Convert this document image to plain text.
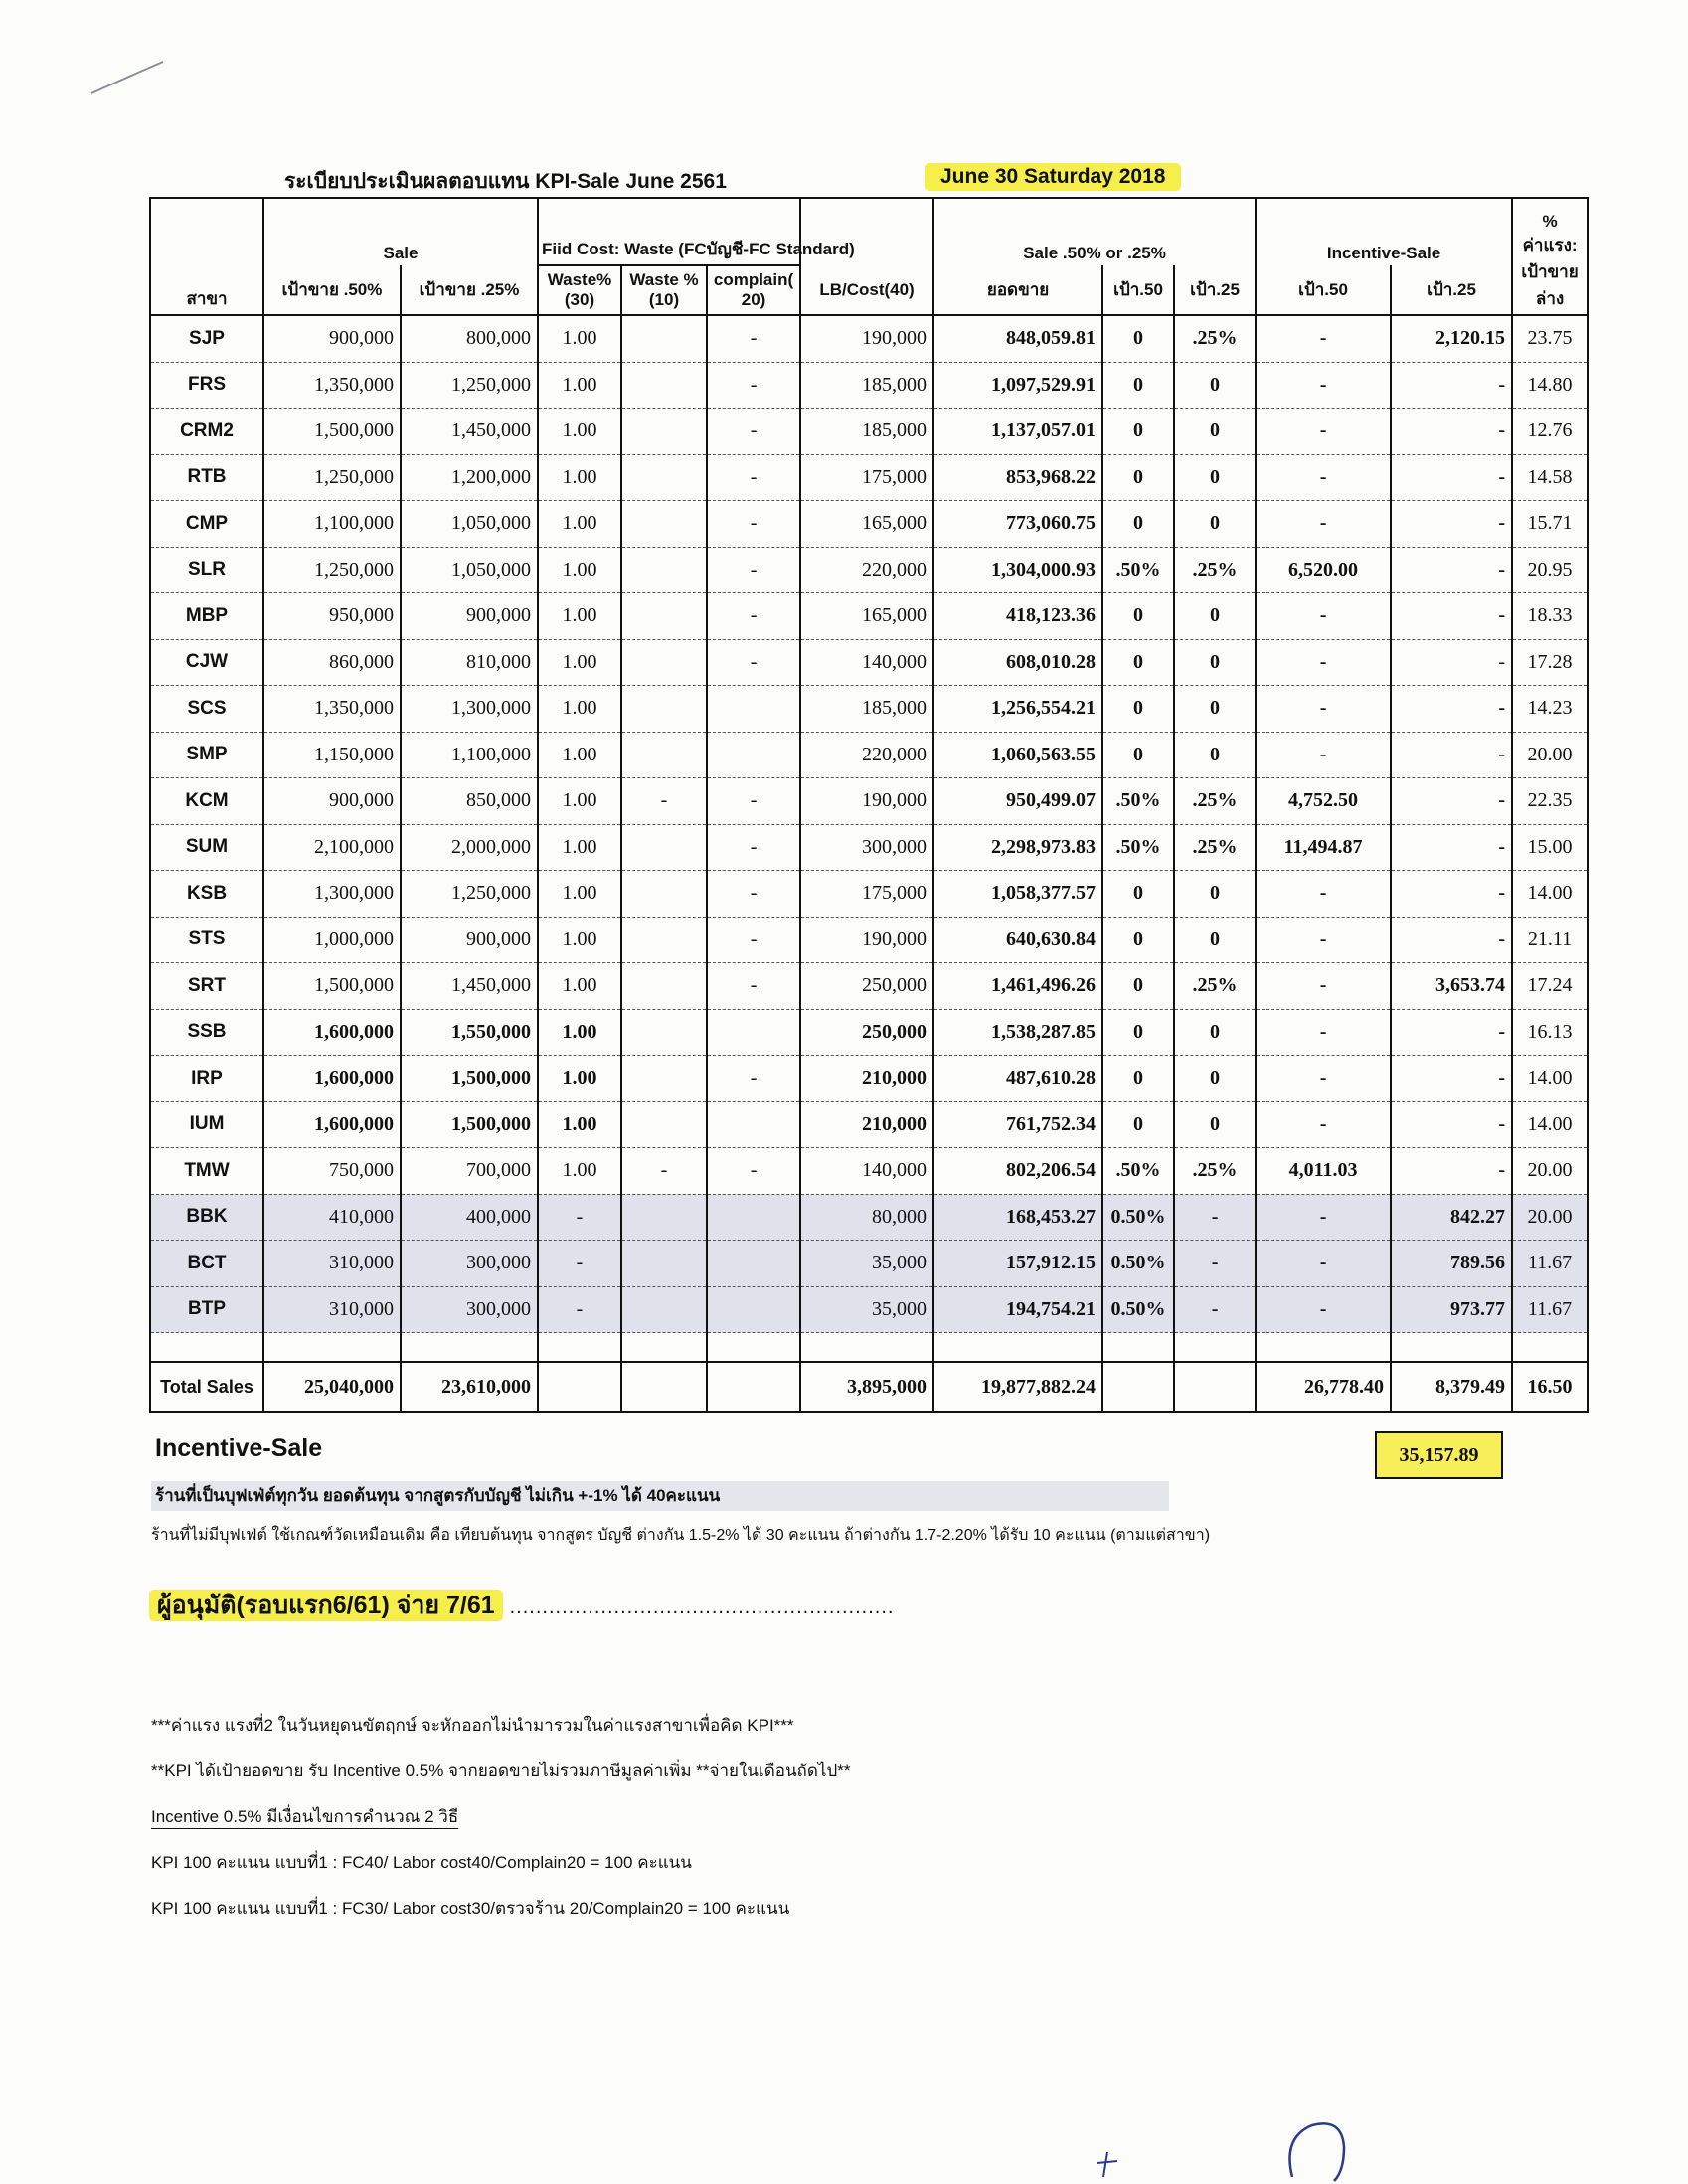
ระเบียบประเมินผลตอบแทน KPI-Sale June 2561	June 30 Saturday 2018
สาขา	Sale		Fiid Cost: Waste (FCบัญชี-FC Standard)				Sale .50% or .25%			Incentive-Sale		% ค่าแรง: เป้าขาย ล่าง
	เป้าขาย .50%	เป้าขาย .25%	Waste% (30)	Waste %(10)	complain( 20)	LB/Cost(40)	ยอดขาย	เป้า.50	เป้า.25	เป้า.50	เป้า.25	
SJP	900,000	800,000	1.00		-	190,000	848,059.81	0	.25%	-	2,120.15	23.75
FRS	1,350,000	1,250,000	1.00		-	185,000	1,097,529.91	0	0	-	-	14.80
CRM2	1,500,000	1,450,000	1.00		-	185,000	1,137,057.01	0	0	-	-	12.76
RTB	1,250,000	1,200,000	1.00		-	175,000	853,968.22	0	0	-	-	14.58
CMP	1,100,000	1,050,000	1.00		-	165,000	773,060.75	0	0	-	-	15.71
SLR	1,250,000	1,050,000	1.00		-	220,000	1,304,000.93	.50%	.25%	6,520.00	-	20.95
MBP	950,000	900,000	1.00		-	165,000	418,123.36	0	0	-	-	18.33
CJW	860,000	810,000	1.00		-	140,000	608,010.28	0	0	-	-	17.28
SCS	1,350,000	1,300,000	1.00			185,000	1,256,554.21	0	0	-	-	14.23
SMP	1,150,000	1,100,000	1.00			220,000	1,060,563.55	0	0	-	-	20.00
KCM	900,000	850,000	1.00	-	-	190,000	950,499.07	.50%	.25%	4,752.50	-	22.35
SUM	2,100,000	2,000,000	1.00		-	300,000	2,298,973.83	.50%	.25%	11,494.87	-	15.00
KSB	1,300,000	1,250,000	1.00		-	175,000	1,058,377.57	0	0	-	-	14.00
STS	1,000,000	900,000	1.00		-	190,000	640,630.84	0	0	-	-	21.11
SRT	1,500,000	1,450,000	1.00		-	250,000	1,461,496.26	0	.25%	-	3,653.74	17.24
SSB	1,600,000	1,550,000	1.00			250,000	1,538,287.85	0	0	-	-	16.13
IRP	1,600,000	1,500,000	1.00		-	210,000	487,610.28	0	0	-	-	14.00
IUM	1,600,000	1,500,000	1.00			210,000	761,752.34	0	0	-	-	14.00
TMW	750,000	700,000	1.00	-	-	140,000	802,206.54	.50%	.25%	4,011.03	-	20.00
BBK	410,000	400,000	-			80,000	168,453.27	0.50%	-	-	842.27	20.00
BCT	310,000	300,000	-			35,000	157,912.15	0.50%	-	-	789.56	11.67
BTP	310,000	300,000	-			35,000	194,754.21	0.50%	-	-	973.77	11.67

Total Sales	25,040,000	23,610,000				3,895,000	19,877,882.24			26,778.40	8,379.49	16.50
Incentive-Sale	35,157.89
ร้านที่เป็นบุฟเฟ่ต์ทุกวัน ยอดต้นทุน จากสูตรกับบัญชี ไม่เกิน +-1% ได้ 40คะแนน
ร้านที่ไม่มีบุฟเฟ่ต์ ใช้เกณฑ์วัดเหมือนเดิม คือ เทียบต้นทุน จากสูตร บัญชี ต่างกัน 1.5-2% ได้ 30 คะแนน ถ้าต่างกัน 1.7-2.20% ได้รับ 10 คะแนน (ตามแต่สาขา)
ผู้อนุมัติ(รอบแรก6/61) จ่าย 7/61 ...........................................................
***ค่าแรง แรงที่2 ในวันหยุดนขัตฤกษ์ จะหักออกไม่นำมารวมในค่าแรงสาขาเพื่อคิด KPI***
**KPI ได้เป้ายอดขาย รับ Incentive 0.5% จากยอดขายไม่รวมภาษีมูลค่าเพิ่ม **จ่ายในเดือนถัดไป**
Incentive 0.5% มีเงื่อนไขการคำนวณ 2 วิธี
KPI 100 คะแนน แบบที่1 : FC40/ Labor cost40/Complain20 = 100 คะแนน
KPI 100 คะแนน แบบที่1 : FC30/ Labor cost30/ตรวจร้าน 20/Complain20 = 100 คะแนน
